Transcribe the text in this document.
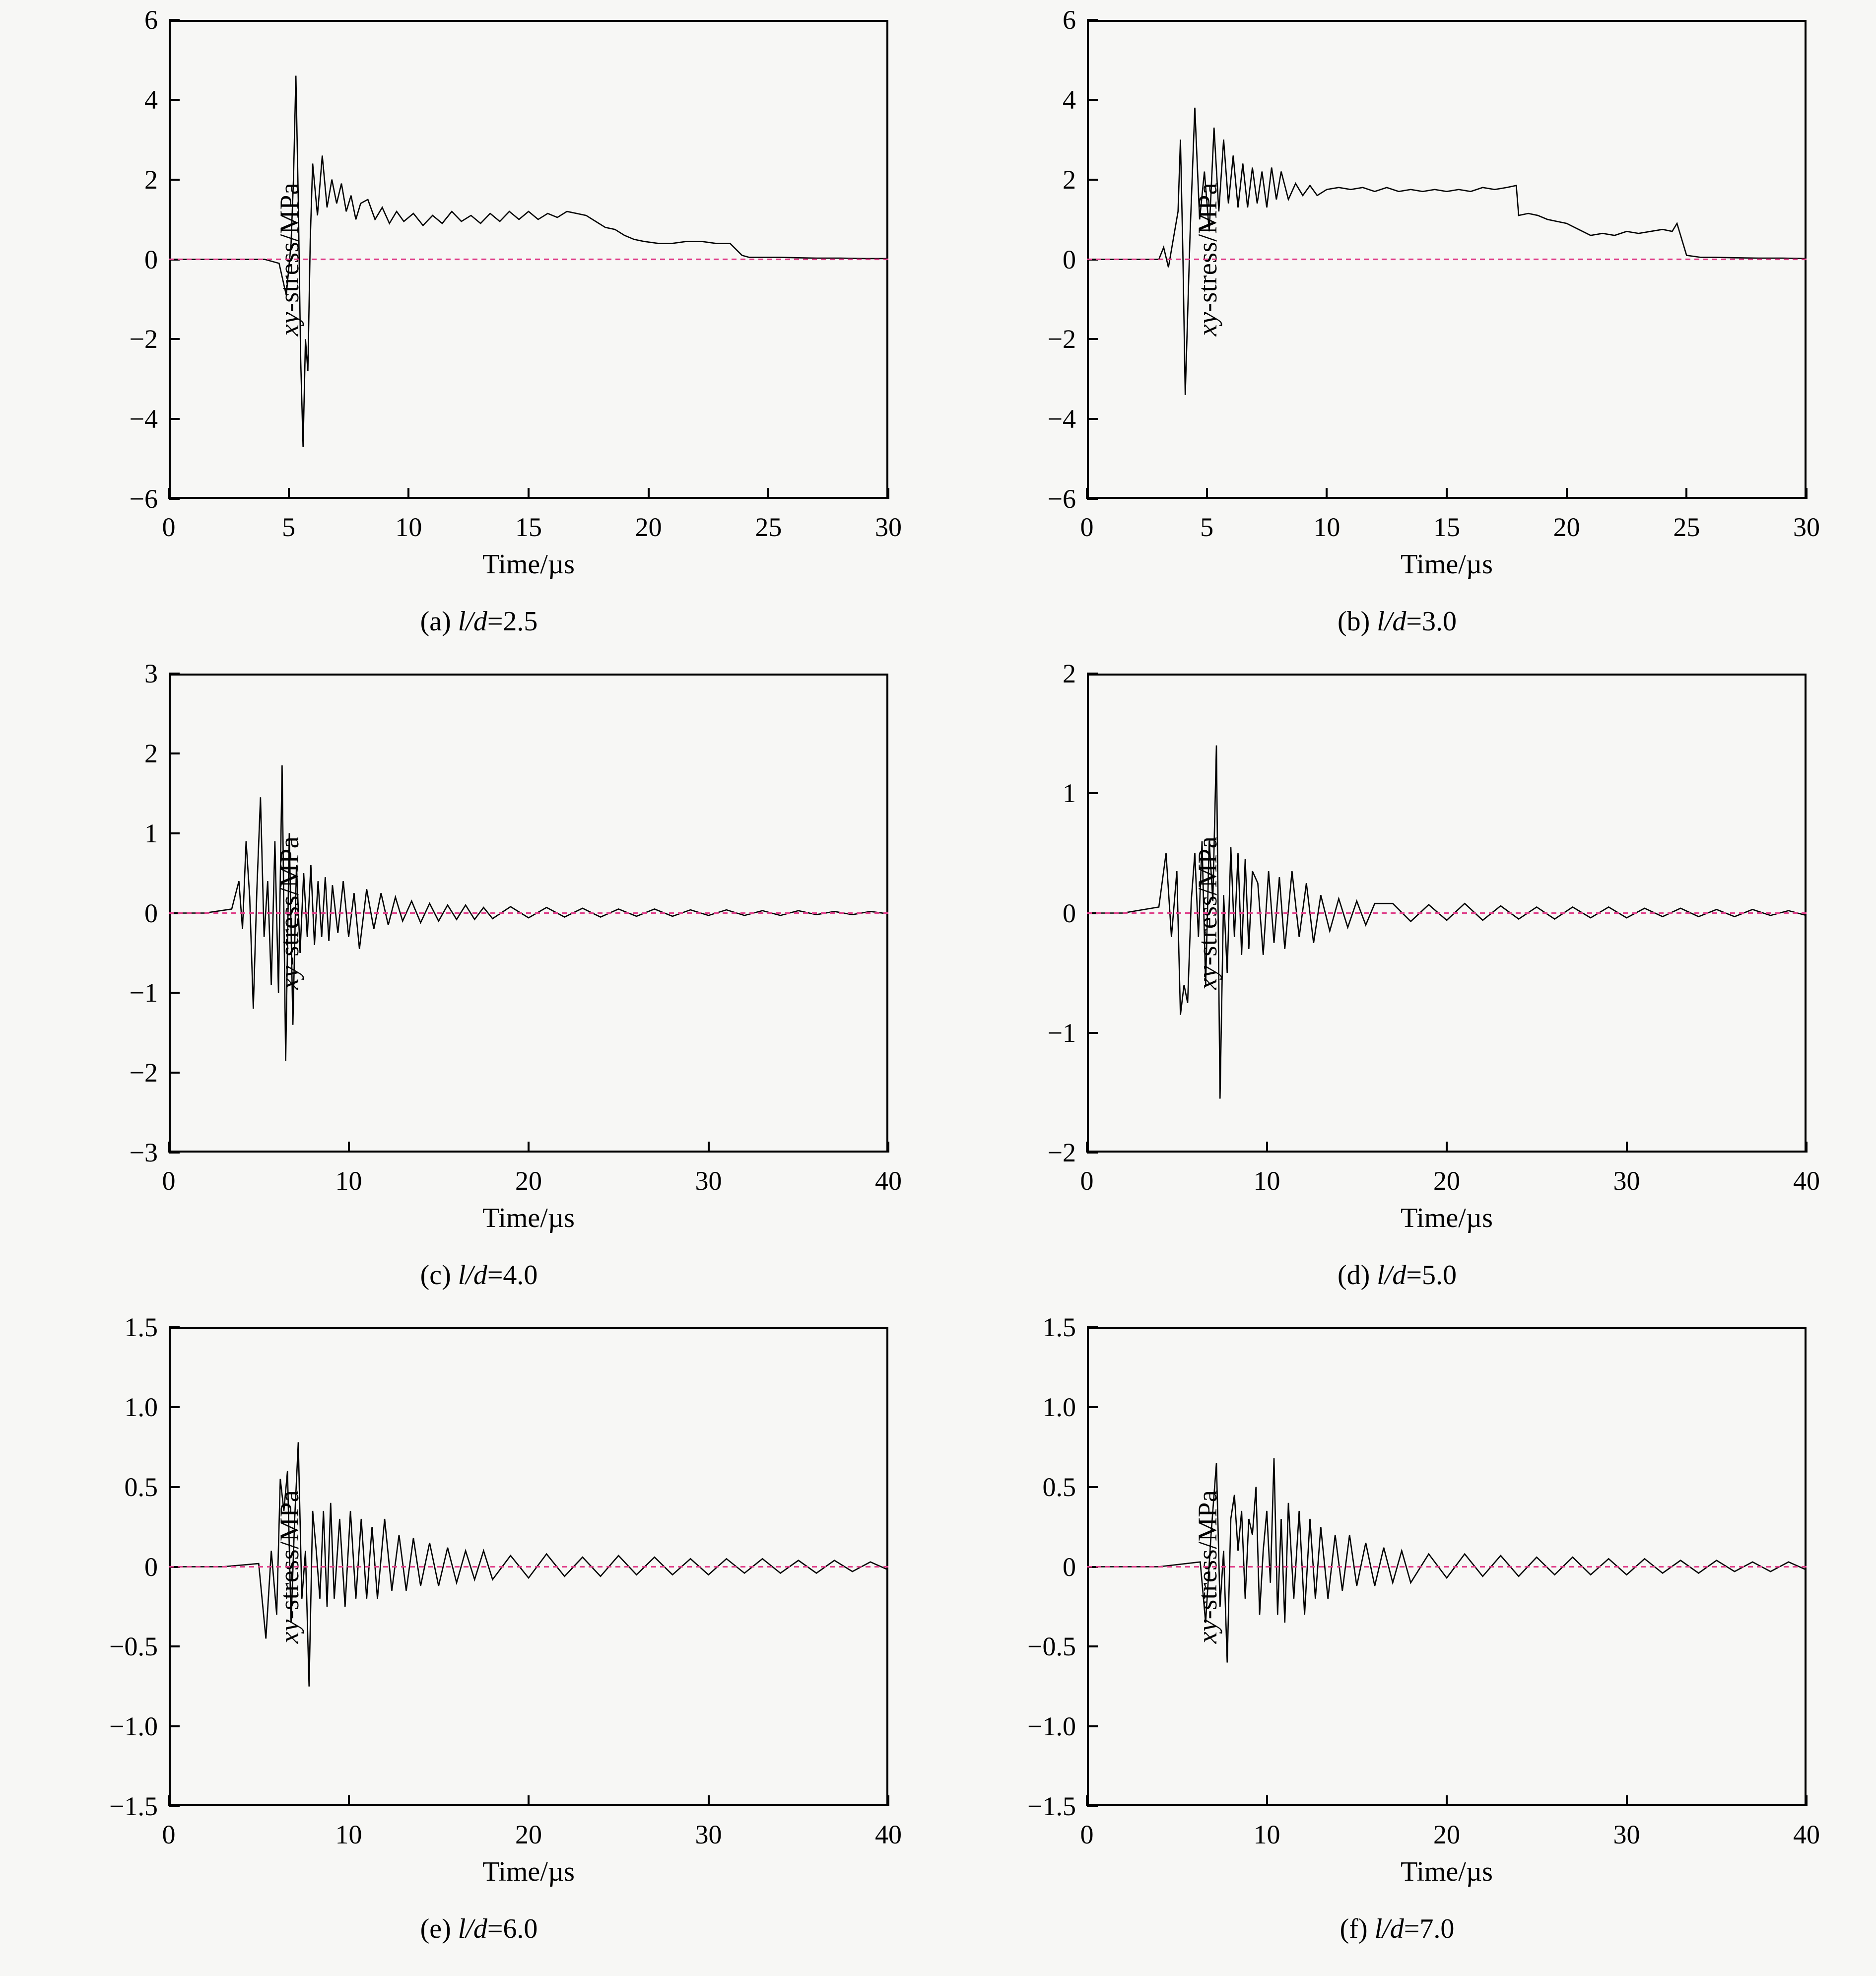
xy
-stress/MPa
6
4
2
0
−2
−4
−6
0	5	10	15	20	25	30
Time/µs
(a) l/d=2.5
xy
-stress/MPa
6
4
2
0
−2
−4
−6
0	5	10	15	20	25	30
Time/µs
(b) l/d=3.0
xy
-stress/MPa
3
2
1
0
−1
−2
−3
0	10	20	30	40
Time/µs
(c) l/d=4.0
xy
-stress/MPa
2
1
0
−1
−2
0	10	20	30	40
Time/µs
(d) l/d=5.0
xy
-stress/MPa
1.5
1.0
0.5
0
−0.5
−1.0
−1.5
0	10	20	30	40
Time/µs
(e) l/d=6.0
xy
-stress/MPa
1.5
1.0
0.5
0
−0.5
−1.0
−1.5
0	10	20	30	40
Time/µs
(f) l/d=7.0
